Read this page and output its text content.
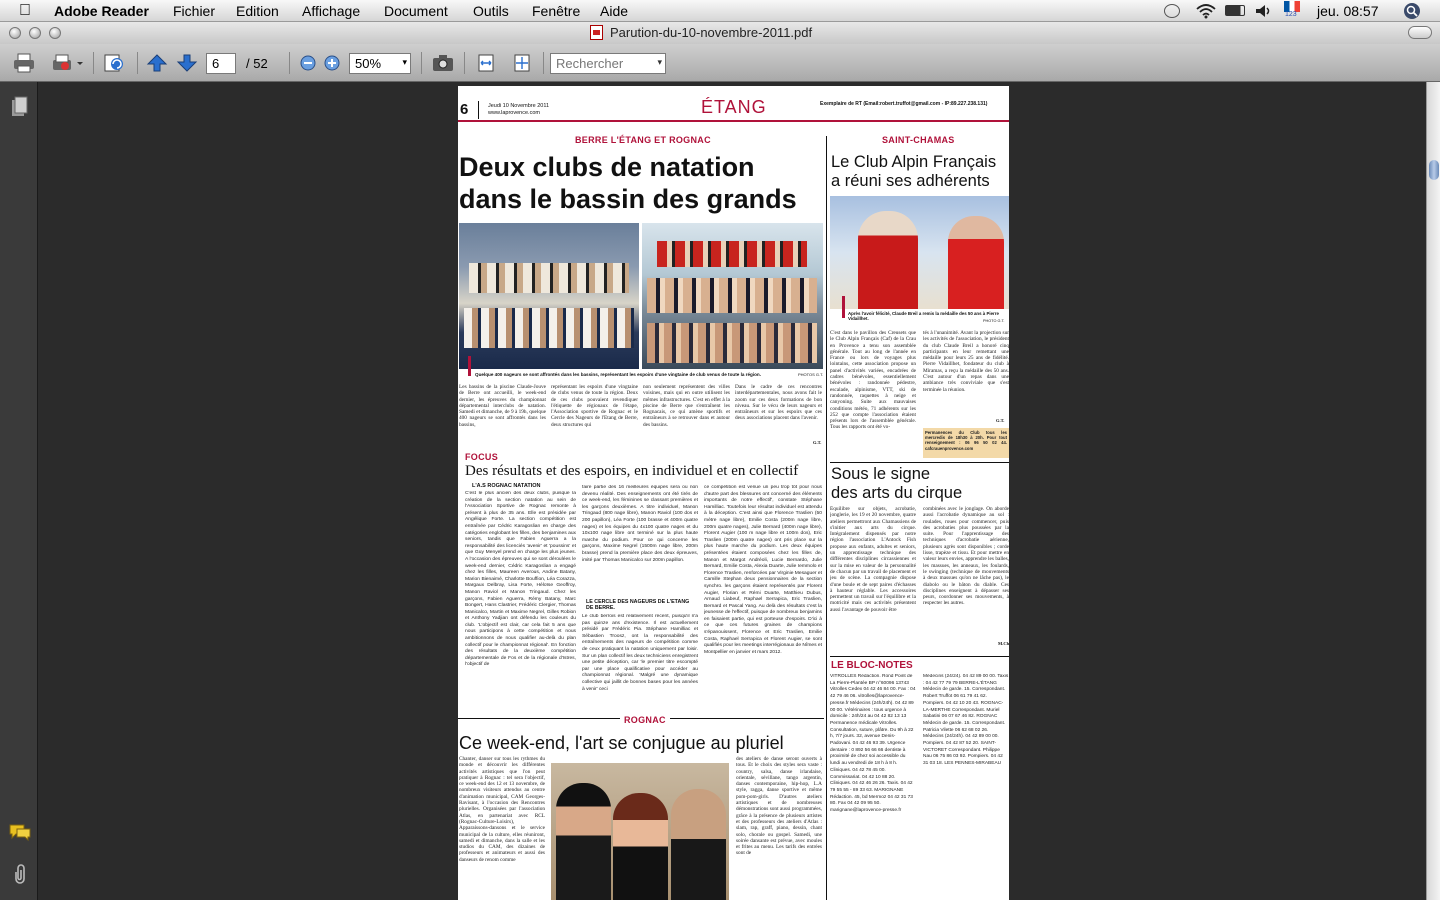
Adobe Reader Fichier Edition Affichage Document Outils Fenêtre Aide	123 jeu. 08:57
Parution-du-10-novembre-2011.pdf
6
/ 52	50% ▾	Rechercher	▾
6	Jeudi 10 Novembre 2011
www.laprovence.com	ÉTANG	Exemplaire de RT (Email:robert.truffot@gmail.com - IP:89.227.238.131)
BERRE L'ÉTANG ET ROGNAC
Deux clubs de natation
dans le bassin des grands
Quelque 400 nageurs se sont affrontés dans les bassins, représentant les espoirs d'une vingtaine de club venus de toute la région.	PHOTOS G.T.
Les bassins de la piscine Claude-Jouve de Berre ont accueilli, le week-end dernier, les épreuves du championnat départemental interclubs de natation. Samedi et dimanche, de 9 à 19h, quelque 400 nageurs se sont affrontés dans les bassins,
représentant les espoirs d'une vingtaine de clubs venus de toute la région. Deux de ces clubs pouvaient revendiquer l'étiquette de régionaux de l'étape, l'Association sportive de Rognac et le Cercle des Nageurs de l'Etang de Berre, deux structures qui
non seulement représentent des villes voisines, mais qui en outre utilisent les mêmes infrastructures. C'est en effet à la piscine de Berre que s'entraînent les Rognacais, ce qui amène sportifs et entraîneurs à se retrouver dans et autour des bassins.
Dans le cadre de ces rencontres interdépartementales, nous avons fait le zoom sur ces deux formations de bon niveau. Sur le vécu de leurs nageurs et entraîneurs et sur les espoirs que ces deux associations placent dans l'avenir.
G.T.
FOCUS
Des résultats et des espoirs, en individuel et en collectif
L'A.S ROGNAC NATATION
C'est le plus ancien des deux clubs, puisque la création de la section natation au sein de l'Association Sportive de Rognac remonte à présent à plus de 35 ans. Elle est présidée par Angélique Forte. La section compétition est entraînée par Cédric Karagoslian en charge des catégories englobant les filles, des benjamines aux seniors, tandis que Fabien Aguerra a la responsabilité des licenciés 'avenir' et 'poussins' et que Guy Menyel prend en charge les plus jeunes. A l'occasion des épreuves qui se sont déroulées le week-end dernier, Cédric Karagoslian a engagé chez les filles, Maureen Averous, Andine Batany, Marion Bienaimé, Charlotte Bouffion, Léa Corazza, Margaux Delbray, Lisa Forte, Héloïse Geoffroy, Manon Raviol et Manon Tringaud. Chez les garçons, Fabien Aguerra, Rémy Batany, Marc Bongert, Hans Clastrier, Frédéric Clergier, Thomas Manicalco, Martin et Maxime Negrel, Gilles Robion et Anthony Yadjian ont défendu les couleurs du club. 'L'objectif est clair, car cela fait 5 ans que nous participons à cette compétition et nous ambitionnons de nous qualifier au-delà du plan collectif pour le championnat régional'. En fonction des résultats de la deuxième compétition départementale de Fos et de la régionale d'Istres, l'objectif de
faire partie des 16 meilleures équipes sera ou non devenu réalité. Des enseignements ont été tirés de ce week-end, les féminines se classant premières et les garçons deuxièmes. A titre individuel, Manon Tringaud (800 nage libre), Manon Raviol (100 dos et 200 papillon), Léa Forte (100 brasse et 400m quatre nages) et les équipes du 4x100 quatre nages et du 10x100 nage libre ont terminé sur la plus haute marche du podium. Pour ce qui concerne les garçons, Maxime Negrel (1500m nage libre, 200m brasse) prend la première place des deux épreuves, imité par Thomas Manicalco sur 200m papillon.
LE CERCLE DES NAGEURS DE L'ETANG DE BERRE.
Le club berrois est relativement récent, puisqu'il n'a pas quinze ans d'existence. Il est actuellement présidé par Frédéric Pia. Stéphane Hamilliac et Sébastien Troosz, ont la responsabilité des entraînements des nageurs de compétition comme de ceux pratiquant la natation uniquement par loisir. Sur un plan collectif les deux techniciens enregistrent une petite déception, car 'le premier titre escompté par une place qualificative pour accéder au championnat régional. 'Malgré une dynamique collective qui jaillit de bonnes bases pour les années à venir' ceci
ce compétition est venue un peu trop tôt pour nous d'autre part des blessures ont concerné des éléments importants de notre effectif', constate Stéphane Hamilliac. Toutefois leur résultat individuel est attendu à la déception. C'est ainsi que Florence Traslien (50 mètre nage libre), Emilie Costa (200m nage libre, 200m quatre nages), Julie Bernard (400m nage libre), Florent Augier (100 m nage libre et 100m dos), Eric Traslien (200m quatre nages) ont pris place sur la plus haute marche du podium. Les deux équipes présentées étaient composées chez les filles de, Manon et Margot Andréoli, Lucie Bernardo, Julie Bernard, Emilie Costa, Alexia Duarte, Julie Iemmolo et Florence Traslien, renforcées par Virginie Mesaguer et Camille Stephan deux pensionnaires de la section synchro. les garçons étaient représentés par Florent Augier, Florian et Rémi Duarte, Matthieu Dubus, Arnaud Liabeuf, Raphael Serrapica, Eric Traslien, Bernard et Pascal Yang. Au delà des résultats c'est la jeunesse de l'effectif, puisque de nombreux benjamins en faisaient partie, qui est porteuse d'espoirs. D'ici à ce que ces futures graines de champions s'épanouissent, Florence et Eric Traslien, Emilie Costa, Raphael Serrapica et Florent Augier, se sont qualifiés pour les meetings interrégionaux de Nîmes et Montpellier en janvier et mars 2012.
ROGNAC
Ce week-end, l'art se conjugue au pluriel
Chanter, danser sur tous les rythmes du monde et découvrir les différentes activités artistiques que l'on peut pratiquer à Rognac : tel sera l'objectif, ce week-end des 12 et 13 novembre, de nombreux visiteurs attendus au centre d'animation municipal, CAM Georges-Ravisant, à l'occasion des Rencontres plurielles. Organisées par l'association Atlas, en partenariat avec RCL (Rognac-Culture-Loisirs), Apparaissons-dansons et le service municipal de la culture, elles réuniront, samedi et dimanche, dans la salle et les studios du CAM, des dizaines de professeurs et animateurs et aussi des danseurs de renom comme
des ateliers de danse seront ouverts à tous. Et le choix des styles sera vaste : country, salsa, danse irlandaise, orientale, sévillane, tango argentin, danses contemporaine, hip-hop, L.A style, ragga, danse sportive et même pom-pom-girls. D'autres ateliers artistiques et de nombreuses démonstrations sont aussi programmées, grâce à la présence de plusieurs artistes et des professeurs des ateliers d'Atlas : slam, rap, graff, piano, dessin, chant solo, chorale ou gospel. Samedi, une soirée dansante est prévue, avec moules et frites au menu. Les tarifs des entrées sont de
SAINT-CHAMAS
Le Club Alpin Français
a réuni ses adhérents
Après l'avoir félicité, Claude Breil a remis la médaille des 50 ans à Pierre Vidaillhet.	PHOTO G.T.
C'est dans le pavillon des Creusets que le Club Alpin Français (Caf) de la Crau en Provence a tenu son assemblée générale. Tout au long de l'année en France ou lors de voyages plus lointains, cette association propose un panel d'activités variées, encadrées de cadres bénévoles, essentiellement bénévoles : randonnée pédestre, escalade, alpinisme, VTT, ski de randonnée, raquettes à neige et canyoning. Suite aux mauvaises conditions météo, 71 adhérents sur les 252 que compte l'association étaient présents lors de l'assemblée générale. Tous les rapports ont été vo-
tés à l'unanimité. Avant la projection sur les activités de l'association, le président du club Claude Breil a honoré cinq participants en leur remettant une médaille pour leurs 25 ans de fidélité. Pierre Vidaillhet, fondateur du club à Miramas, a reçu la médaille des 50 ans. C'est autour d'un repas dans une ambiance très conviviale que s'est terminée la réunion.
G.T.
Permanences du Club tous les mercredis de 18h30 à 20h. Pour tout renseignement : 06 96 50 02 44. cafcrauenprovence.com
Sous le signe
des arts du cirque
Équilibre sur objets, acrobatie, jonglerie, les 19 et 20 novembre, quatre ateliers permettront aux Chamassiens de s'initier aux arts du cirque. Intégralement dispensés par notre région l'association L'Antock Fish propose aux enfants, adultes et seniors, un apprentissage technique des différentes disciplines circassiennes et sur la mise en valeur de la personnalité de chacun par un travail de placement et jeu de scène. La compagnie dispose d'une boule et de sept paires d'échasses à hauteur réglable. Les accessoires permettent un travail sur l'équilibre et la motricité mais ces activités présentent aussi l'avantage de pouvoir être
combinées avec le jonglage. On aborde aussi l'acrobatie dynamique au sol : roulades, roues pour commencer, puis des acrobaties plus poussées par la suite. Pour l'apprentissage des techniques d'acrobatie aérienne, plusieurs agrès sont disponibles ; corde lisse, trapèze et tissu. Et pour mettre en valeur leurs envies, apprendre les balles, les massues, les anneaux, les foulards, le swinging (technique de mouvements à deux massues qu'on ne lâche pas), le diabolo ou le bâton du diable. Ces disciplines enseignent à dépasser ses peurs, coordonner ses mouvements, à respecter les autres.
M.Ch
LE BLOC-NOTES
VITROLLES Rédaction. Rond Point de La Pierre-Plantée BP n°60096 13743 Vitrolles Cedex 04 42 46 84 00. Fax : 04 42 79 46 06. vitrolles@laprovence-presse.fr Médecins (24h/24h). 04 42 89 00 00. Vétérinaires : tous urgence à domicile : 24h/24 au 04 42 82 13 13 Permanence médicale Vitrolles. Consultation, suture, plâtre. Du 9h à 22 h, 7/7 jours. 32, avenue Denis-Padovani. 04 42 46 93 39. Urgence dentaire : 0 892 56 66 66 dentiste à proximité de chez soi accessible du lundi au vendredi de 18 h à 8 h. Cliniques. 04 42 78 45 00. Commissariat. 04 42 10 88 20. Cliniques. 04 42 46 26 26. Taxis. 04 42 79 55 55 - 89 33 63. MARIGNANE Rédaction. 45, bd Mermoz 04 42 31 73 80. Fax 04 42 09 95 50. marignane@laprovence-presse.fr
Médecins (24/24). 04 42 89 00 00. Taxis : 04 42 77 79 79 BERRE-L'ÉTANG Médecin de garde. 15. Correspondant. Robert Truffot 06 61 79 41 62. Pompiers. 04 42 10 20 43. ROGNAC-LA-MERTHE Correspondant. Muriel Sabatini 06 07 67 46 82. ROGNAC Médecin de garde. 15. Correspondant. Patricia Vilette 06 62 68 02 26. Médecins (24/24h). 04 42 89 00 00. Pompiers. 04 42 87 52 20. SAINT-VICTORET Correspondant. Philippe Nau 06 75 86 03 92. Pompiers. 04 42 31 03 18. LES PENNES-MIRABEAU
